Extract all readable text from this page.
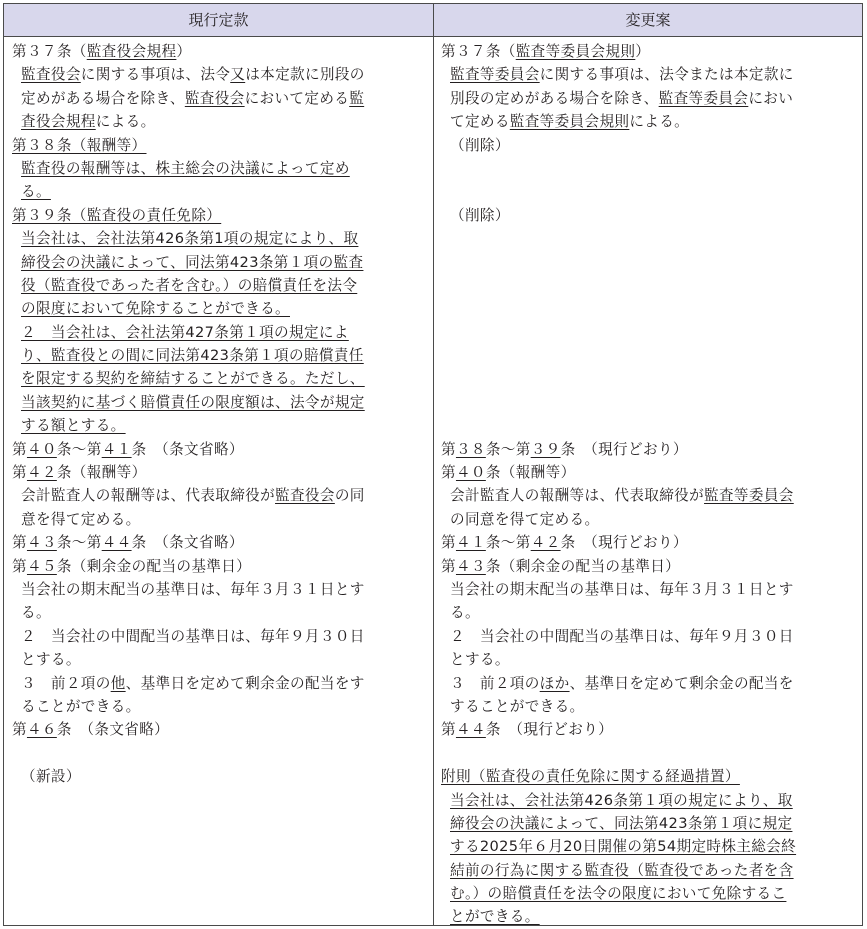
現行定款	変更案
第３７条（監査役会規程）
監査役会に関する事項は、法令又は本定款に別段の
定めがある場合を除き、監査役会において定める監
査役会規程による。
第３８条（報酬等）
監査役の報酬等は、株主総会の決議によって定め
る。
第３９条（監査役の責任免除）
当会社は、会社法第426条第1項の規定により、取
締役会の決議によって、同法第423条第１項の監査
役（監査役であった者を含む。）の賠償責任を法令
の限度において免除することができる。
２　当会社は、会社法第427条第１項の規定によ
り、監査役との間に同法第423条第１項の賠償責任
を限定する契約を締結することができる。ただし、
当該契約に基づく賠償責任の限度額は、法令が規定
する額とする。
第４０条～第４１条　（条文省略）
第４２条（報酬等）
会計監査人の報酬等は、代表取締役が監査役会の同
意を得て定める。
第４３条～第４４条　（条文省略）
第４５条（剰余金の配当の基準日）
当会社の期末配当の基準日は、毎年３月３１日とす
る。
２　当会社の中間配当の基準日は、毎年９月３０日
とする。
３　前２項の他、基準日を定めて剰余金の配当をす
ることができる。
第４６条　（条文省略）
（新設）
第３７条（監査等委員会規則）
監査等委員会に関する事項は、法令または本定款に
別段の定めがある場合を除き、監査等委員会におい
て定める監査等委員会規則による。
（削除）
（削除）
第３８条～第３９条　（現行どおり）
第４０条（報酬等）
会計監査人の報酬等は、代表取締役が監査等委員会
の同意を得て定める。
第４１条～第４２条　（現行どおり）
第４３条（剰余金の配当の基準日）
当会社の期末配当の基準日は、毎年３月３１日とす
る。
２　当会社の中間配当の基準日は、毎年９月３０日
とする。
３　前２項のほか、基準日を定めて剰余金の配当を
することができる。
第４４条　（現行どおり）
附則（監査役の責任免除に関する経過措置）
当会社は、会社法第426条第１項の規定により、取
締役会の決議によって、同法第423条第１項に規定
する2025年６月20日開催の第54期定時株主総会終
結前の行為に関する監査役（監査役であった者を含
む。）の賠償責任を法令の限度において免除するこ
とができる。
